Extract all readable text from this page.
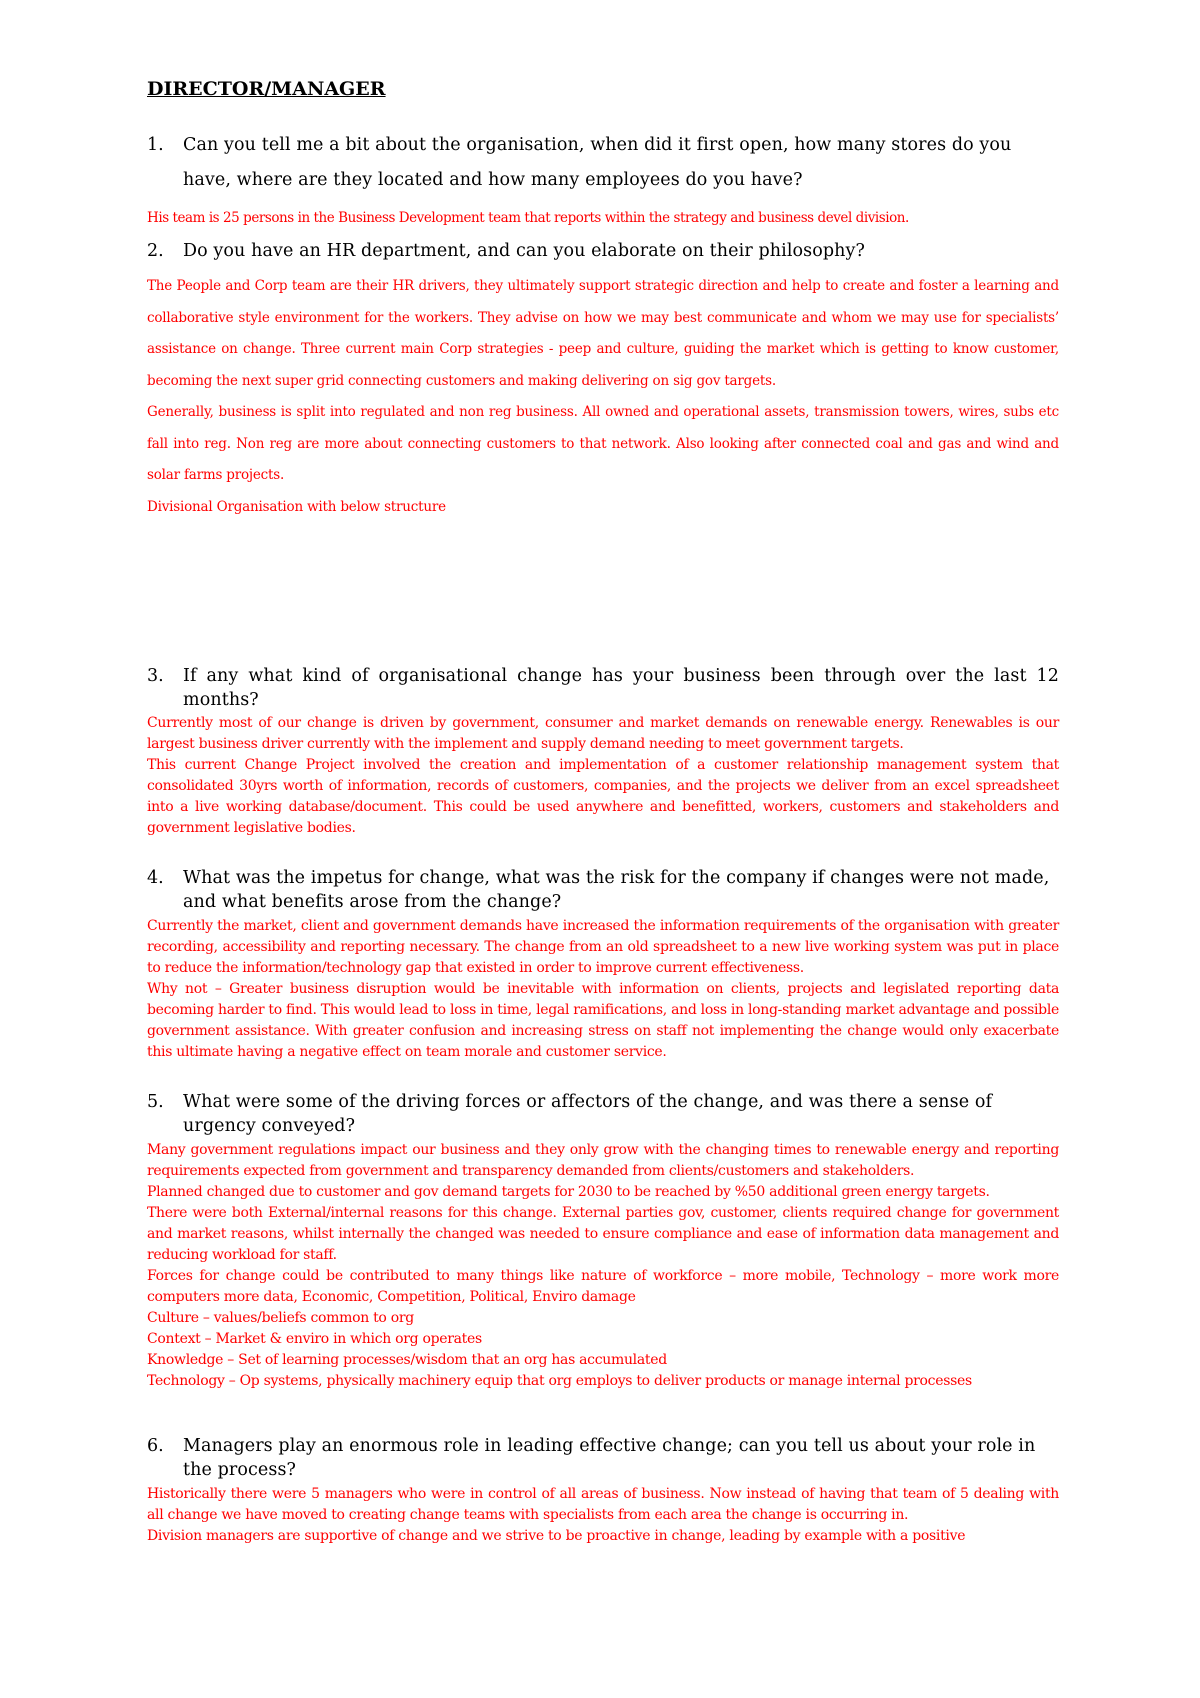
DIRECTOR/MANAGER
1.	Can you tell me a bit about the organisation, when did it first open, how many stores do you have, where are they located and how many employees do you have?

His team is 25 persons in the Business Development team that reports within the strategy and business devel division.

2.	Do you have an HR department, and can you elaborate on their philosophy?

The People and Corp team are their HR drivers, they ultimately support strategic direction and help to create and foster a learning and collaborative style environment for the workers. They advise on how we may best communicate and whom we may use for specialists’ assistance on change. Three current main Corp strategies - peep and culture, guiding the market which is getting to know customer, becoming the next super grid connecting customers and making delivering on sig gov targets.

Generally, business is split into regulated and non reg business. All owned and operational assets, transmission towers, wires, subs etc fall into reg. Non reg are more about connecting customers to that network. Also looking after connected coal and gas and wind and solar farms projects.

Divisional Organisation with below structure

3.	If any what kind of organisational change has your business been through over the last 12 months?

Currently most of our change is driven by government, consumer and market demands on renewable energy. Renewables is our largest business driver currently with the implement and supply demand needing to meet government targets.

This current Change Project involved the creation and implementation of a customer relationship management system that consolidated 30yrs worth of information, records of customers, companies, and the projects we deliver from an excel spreadsheet into a live working database/document. This could be used anywhere and benefitted, workers, customers and stakeholders and government legislative bodies.

4.	What was the impetus for change, what was the risk for the company if changes were not made, and what benefits arose from the change?

Currently the market, client and government demands have increased the information requirements of the organisation with greater recording, accessibility and reporting necessary. The change from an old spreadsheet to a new live working system was put in place to reduce the information/technology gap that existed in order to improve current effectiveness.

Why not – Greater business disruption would be inevitable with information on clients, projects and legislated reporting data becoming harder to find. This would lead to loss in time, legal ramifications, and loss in long-standing market advantage and possible government assistance. With greater confusion and increasing stress on staff not implementing the change would only exacerbate this ultimate having a negative effect on team morale and customer service.

5.	What were some of the driving forces or affectors of the change, and was there a sense of urgency conveyed?

Many government regulations impact our business and they only grow with the changing times to renewable energy and reporting requirements expected from government and transparency demanded from clients/customers and stakeholders.

Planned changed due to customer and gov demand targets for 2030 to be reached by %50 additional green energy targets.

There were both External/internal reasons for this change. External parties gov, customer, clients required change for government and market reasons, whilst internally the changed was needed to ensure compliance and ease of information data management and reducing workload for staff.

Forces for change could be contributed to many things like nature of workforce – more mobile, Technology – more work more computers more data, Economic, Competition, Political, Enviro damage

Culture – values/beliefs common to org

Context – Market & enviro in which org operates

Knowledge – Set of learning processes/wisdom that an org has accumulated

Technology – Op systems, physically machinery equip that org employs to deliver products or manage internal processes

6.	Managers play an enormous role in leading effective change; can you tell us about your role in the process?

Historically there were 5 managers who were in control of all areas of business. Now instead of having that team of 5 dealing with all change we have moved to creating change teams with specialists from each area the change is occurring in.

Division managers are supportive of change and we strive to be proactive in change, leading by example with a positive
